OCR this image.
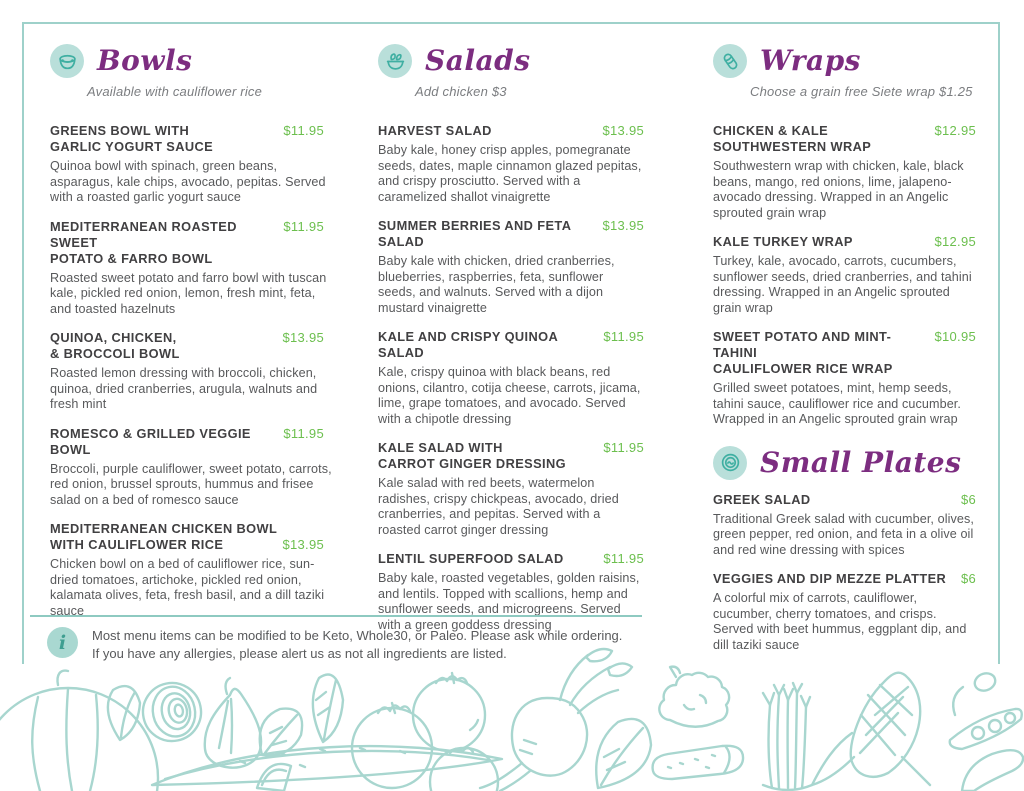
Bowls
Available with cauliflower rice
GREENS BOWL WITH
GARLIC YOGURT SAUCE
$11.95

Quinoa bowl with spinach, green beans, asparagus, kale chips, avocado, pepitas. Served with a roasted garlic yogurt sauce

MEDITERRANEAN ROASTED SWEET
POTATO & FARRO BOWL
$11.95

Roasted sweet potato and farro bowl with tuscan kale, pickled red onion, lemon, fresh mint, feta, and toasted hazelnuts

QUINOA, CHICKEN,
& BROCCOLI BOWL
$13.95

Roasted lemon dressing with broccoli, chicken, quinoa, dried cranberries, arugula, walnuts and fresh mint

ROMESCO & GRILLED VEGGIE BOWL
$11.95

Broccoli, purple cauliflower, sweet potato, carrots, red onion, brussel sprouts, hummus and frisee salad on a bed of romesco sauce

MEDITERRANEAN CHICKEN BOWL
WITH CAULIFLOWER RICE	$13.95

Chicken bowl on a bed of cauliflower rice, sun-dried tomatoes, artichoke, pickled red onion, kalamata olives, feta, fresh basil, and a dill taziki sauce

Salads
Add chicken $3
HARVEST SALAD	$13.95

Baby kale, honey crisp apples, pomegranate seeds, dates, maple cinnamon glazed pepitas, and crispy prosciutto. Served with a caramelized shallot vinaigrette

SUMMER BERRIES AND FETA SALAD
$13.95

Baby kale with chicken, dried cranberries, blueberries, raspberries, feta, sunflower seeds, and walnuts. Served with a dijon mustard vinaigrette

KALE AND CRISPY QUINOA SALAD
$11.95

Kale, crispy quinoa with black beans, red onions, cilantro, cotija cheese, carrots, jicama, lime, grape tomatoes, and avocado. Served with a chipotle dressing

KALE SALAD WITH
CARROT GINGER DRESSING
$11.95

Kale salad with red beets, watermelon radishes, crispy chickpeas, avocado, dried cranberries, and pepitas. Served with a roasted carrot ginger dressing

LENTIL SUPERFOOD SALAD	$11.95

Baby kale, roasted vegetables, golden raisins, and lentils. Topped with scallions, hemp and sunflower seeds, and microgreens. Served with a green goddess dressing

Wraps
Choose a grain free Siete wrap $1.25
CHICKEN & KALE
SOUTHWESTERN WRAP
$12.95

Southwestern wrap with chicken, kale, black beans, mango, red onions, lime, jalapeno-avocado dressing. Wrapped in an Angelic sprouted grain wrap

KALE TURKEY WRAP	$12.95

Turkey, kale, avocado, carrots, cucumbers, sunflower seeds, dried cranberries, and tahini dressing. Wrapped in an Angelic sprouted grain wrap

SWEET POTATO AND MINT-TAHINI
CAULIFLOWER RICE WRAP
$10.95

Grilled sweet potatoes, mint, hemp seeds, tahini sauce, cauliflower rice and cucumber. Wrapped in an Angelic sprouted grain wrap

Small Plates
GREEK SALAD	$6

Traditional Greek salad with cucumber, olives, green pepper, red onion, and feta in a olive oil and red wine dressing with spices

VEGGIES AND DIP MEZZE PLATTER $6

A colorful mix of carrots, cauliflower, cucumber, cherry tomatoes, and crisps. Served with beet hummus, eggplant dip, and dill taziki sauce

i	Most menu items can be modified to be Keto, Whole30, or Paleo. Please ask while ordering.
If you have any allergies, please alert us as not all ingredients are listed.
